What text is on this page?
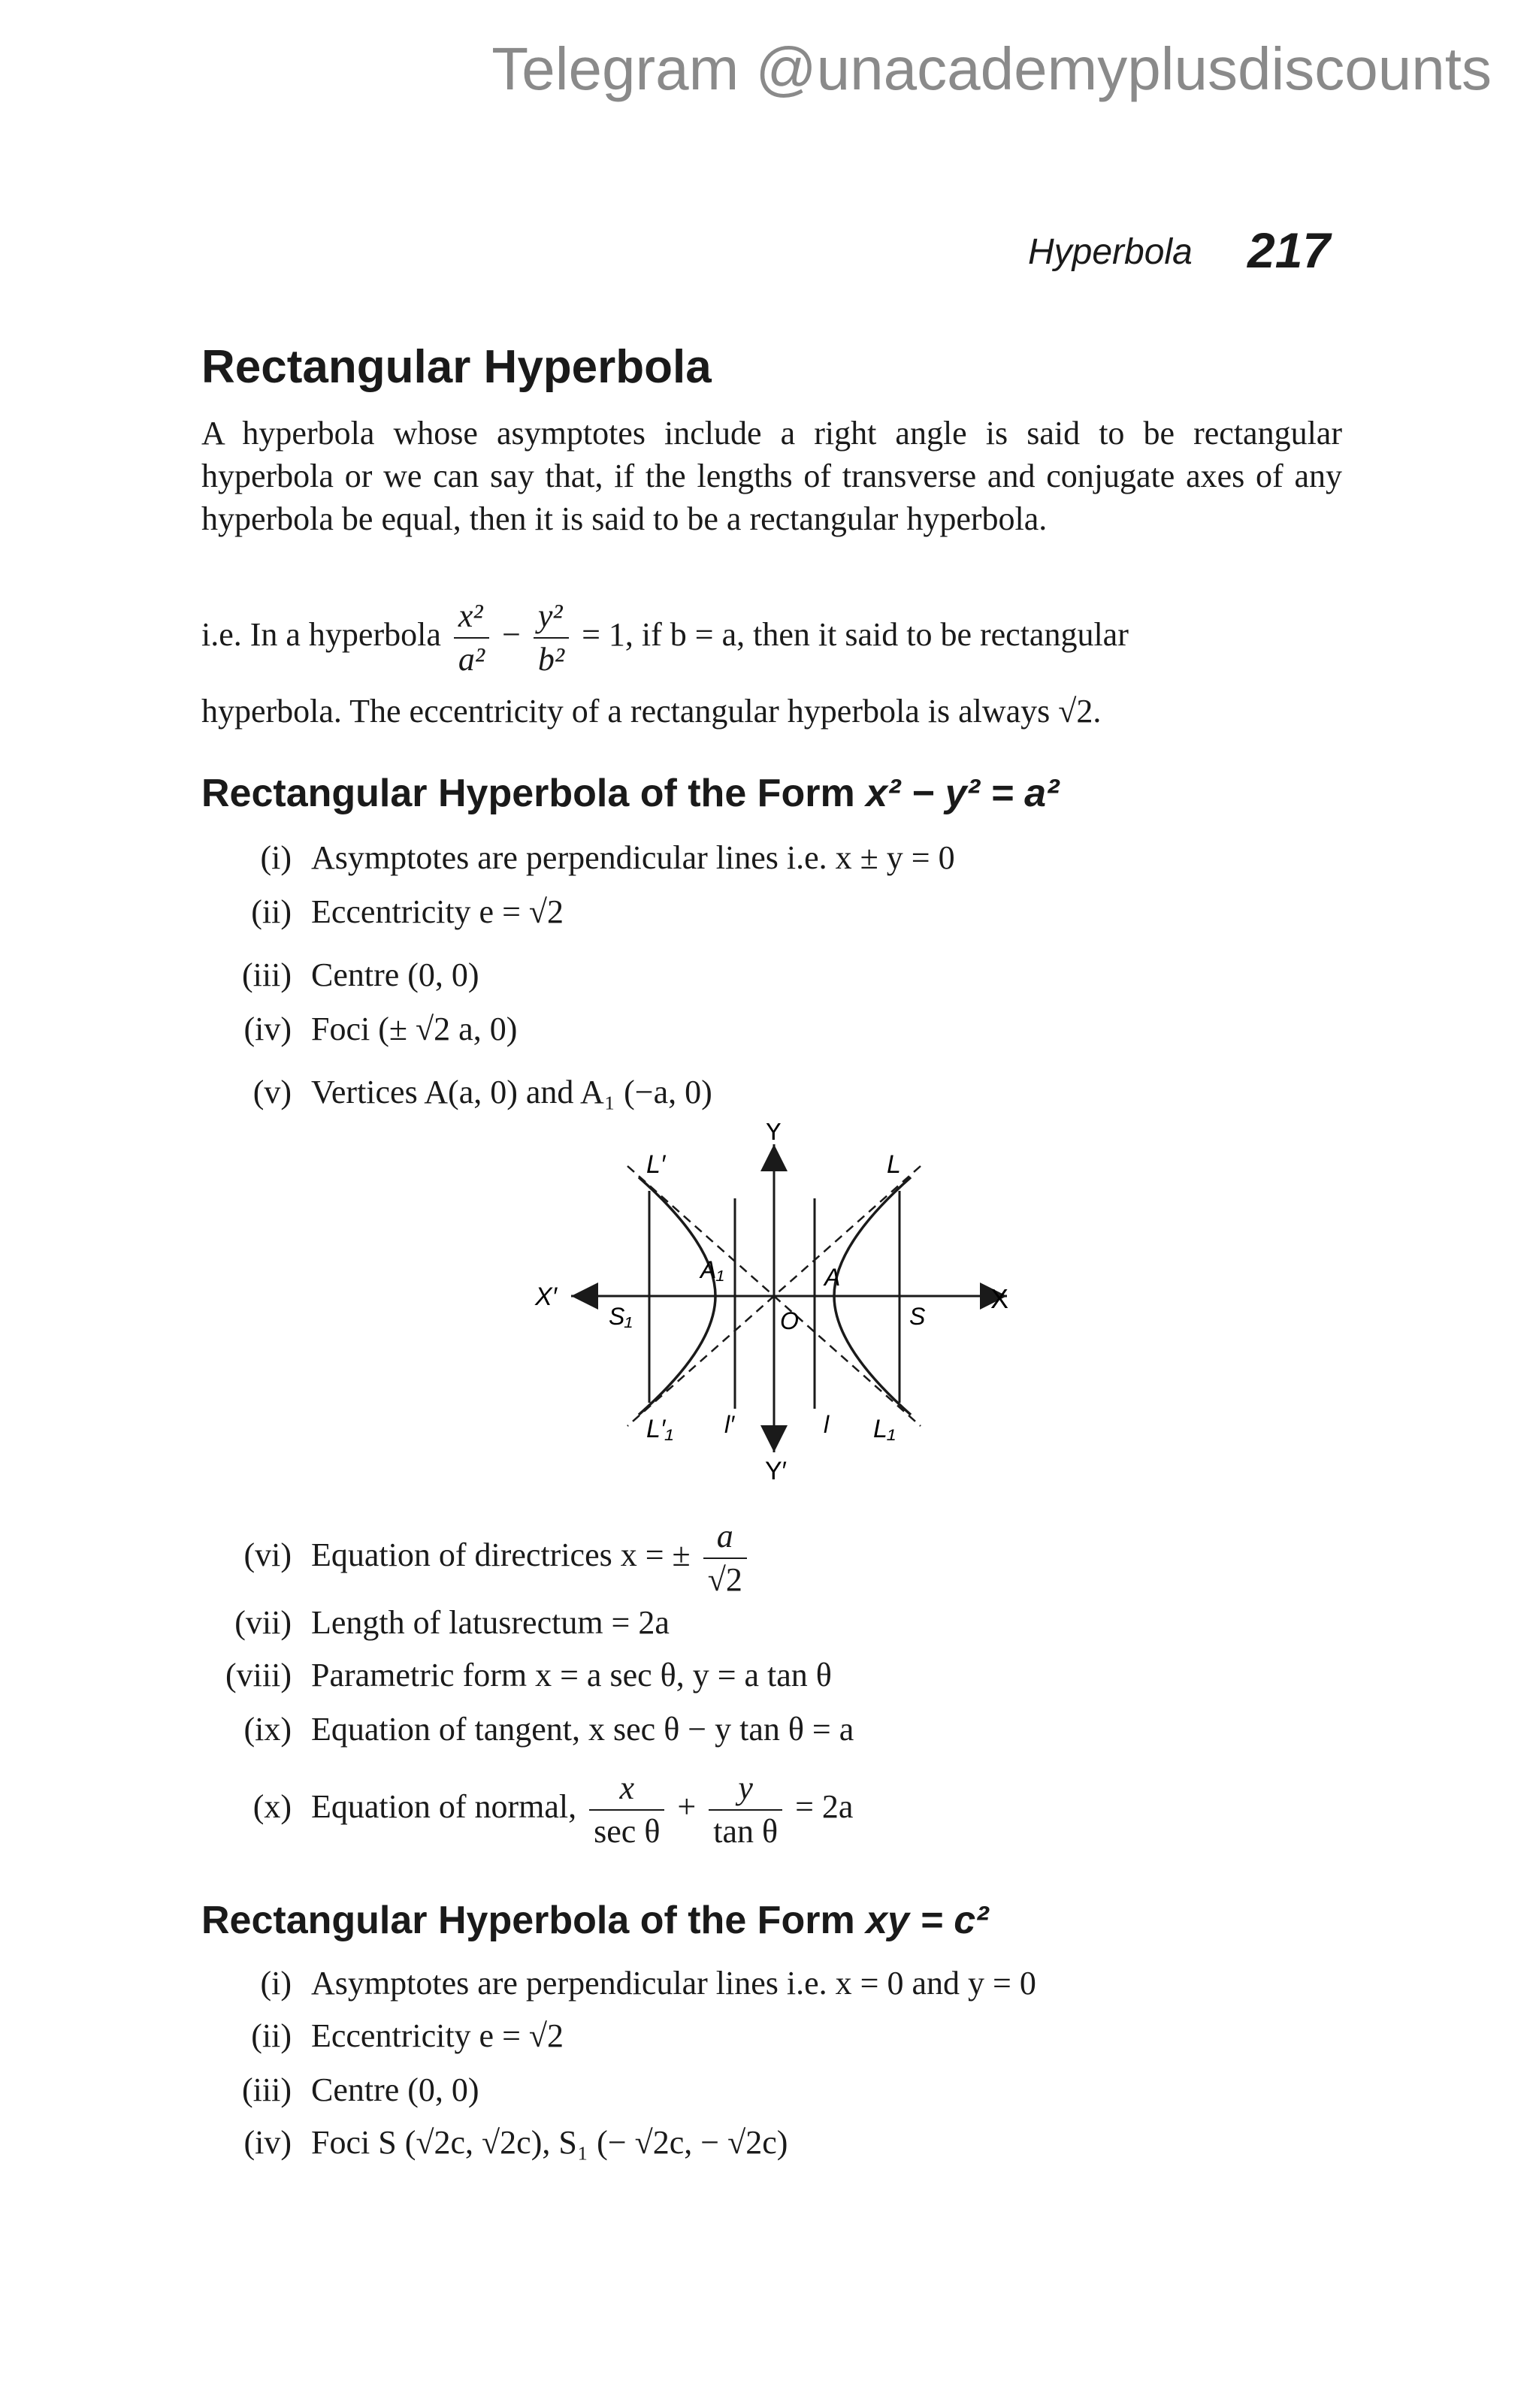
Telegram @unacademyplusdiscounts
Hyperbola 217
Rectangular Hyperbola
A hyperbola whose asymptotes include a right angle is said to be rectangular hyperbola or we can say that, if the lengths of transverse and conjugate axes of any hyperbola be equal, then it is said to be a rectangular hyperbola.
i.e. In a hyperbola $\frac{\text{x²}}{\text{a²}} - \frac{\text{y²}}{\text{b²}} = 1$, if b = a, then it said to be rectangular
hyperbola. The eccentricity of a rectangular hyperbola is always √2.
Rectangular Hyperbola of the Form x² − y² = a²
(i) Asymptotes are perpendicular lines i.e. x ± y = 0
(ii) Eccentricity e = √2
(iii) Centre (0, 0)
(iv) Foci (± √2 a, 0)
(v) Vertices A(a, 0) and A₁ (−a, 0)
Y
Y′
X
X′
L
L′
L₁
L′₁
A
A₁
O	S
S₁
l
l′
(vi) Equation of directrices x = ± $\frac{a}{√2}$
(vii) Length of latusrectum = 2a
(viii) Parametric form x = a sec θ, y = a tan θ
(ix) Equation of tangent, x sec θ − y tan θ = a
(x) Equation of normal, $\frac{x}{\text{sec θ}} + \frac{y}{\text{tan θ}} = 2a$
Rectangular Hyperbola of the Form xy = c²
(i) Asymptotes are perpendicular lines i.e. x = 0 and y = 0
(ii) Eccentricity e = √2
(iii) Centre (0, 0)
(iv) Foci S (√2c, √2c), S₁ (− √2c, − √2c)
